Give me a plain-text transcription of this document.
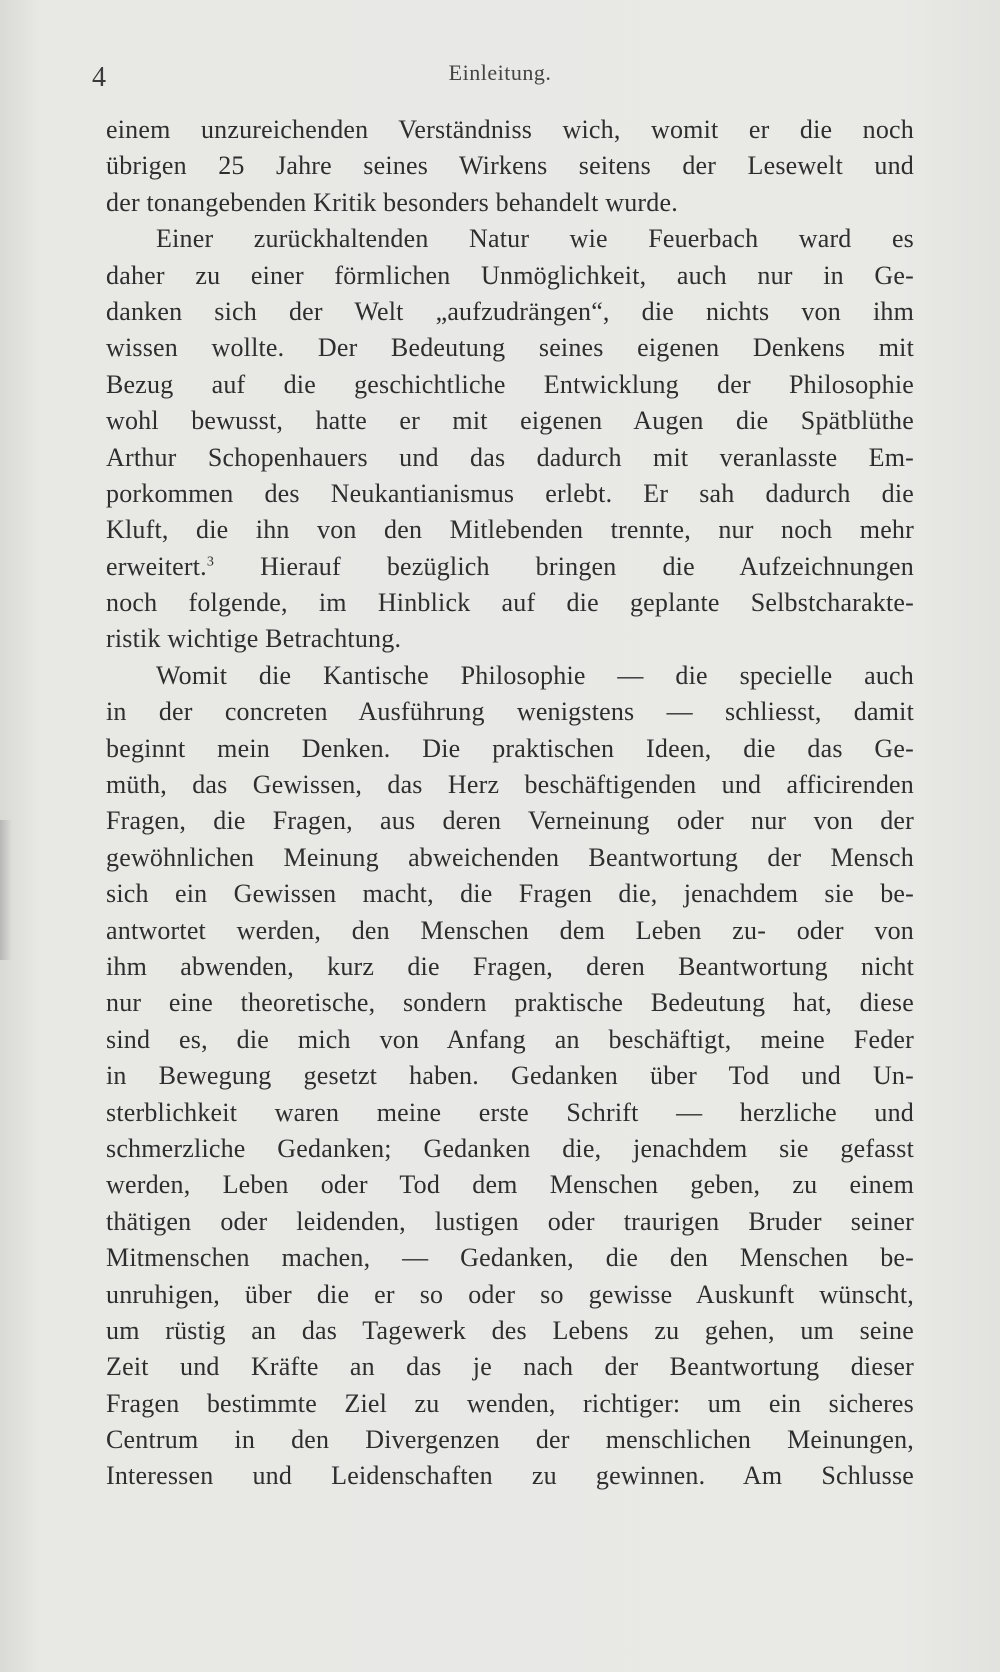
4	Einleitung.
einem unzureichenden Verständniss wich, womit er die noch
übrigen 25 Jahre seines Wirkens seitens der Lesewelt und
der tonangebenden Kritik besonders behandelt wurde.
Einer zurückhaltenden Natur wie Feuerbach ward es
daher zu einer förmlichen Unmöglichkeit, auch nur in Ge-
danken sich der Welt „aufzudrängen“, die nichts von ihm
wissen wollte. Der Bedeutung seines eigenen Denkens mit
Bezug auf die geschichtliche Entwicklung der Philosophie
wohl bewusst, hatte er mit eigenen Augen die Spätblüthe
Arthur Schopenhauers und das dadurch mit veranlasste Em-
porkommen des Neukantianismus erlebt. Er sah dadurch die
Kluft, die ihn von den Mitlebenden trennte, nur noch mehr
erweitert.$^3$ Hierauf bezüglich bringen die Aufzeichnungen
noch folgende, im Hinblick auf die geplante Selbstcharakte-
ristik wichtige Betrachtung.
Womit die Kantische Philosophie — die specielle auch
in der concreten Ausführung wenigstens — schliesst, damit
beginnt mein Denken. Die praktischen Ideen, die das Ge-
müth, das Gewissen, das Herz beschäftigenden und afficirenden
Fragen, die Fragen, aus deren Verneinung oder nur von der
gewöhnlichen Meinung abweichenden Beantwortung der Mensch
sich ein Gewissen macht, die Fragen die, jenachdem sie be-
antwortet werden, den Menschen dem Leben zu- oder von
ihm abwenden, kurz die Fragen, deren Beantwortung nicht
nur eine theoretische, sondern praktische Bedeutung hat, diese
sind es, die mich von Anfang an beschäftigt, meine Feder
in Bewegung gesetzt haben. Gedanken über Tod und Un-
sterblichkeit waren meine erste Schrift — herzliche und
schmerzliche Gedanken; Gedanken die, jenachdem sie gefasst
werden, Leben oder Tod dem Menschen geben, zu einem
thätigen oder leidenden, lustigen oder traurigen Bruder seiner
Mitmenschen machen, — Gedanken, die den Menschen be-
unruhigen, über die er so oder so gewisse Auskunft wünscht,
um rüstig an das Tagewerk des Lebens zu gehen, um seine
Zeit und Kräfte an das je nach der Beantwortung dieser
Fragen bestimmte Ziel zu wenden, richtiger: um ein sicheres
Centrum in den Divergenzen der menschlichen Meinungen,
Interessen und Leidenschaften zu gewinnen. Am Schlusse
